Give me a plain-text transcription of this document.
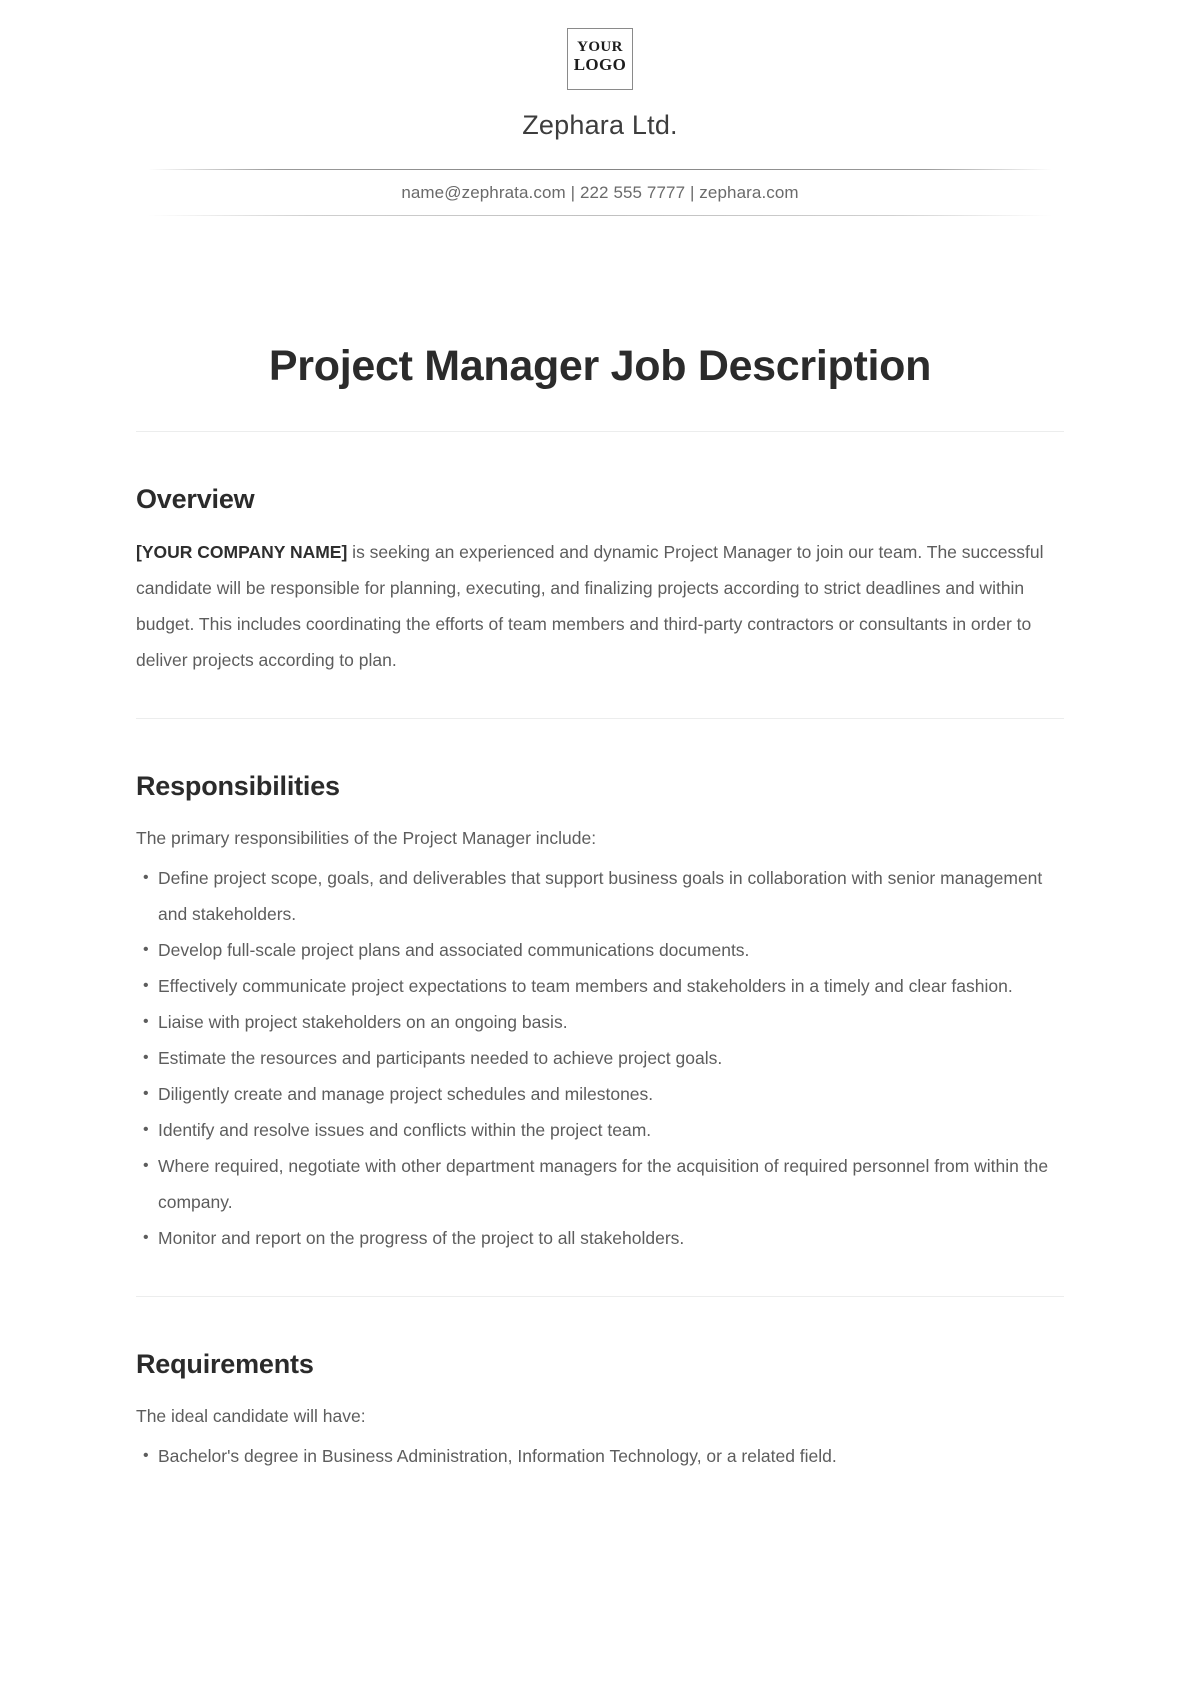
YOUR
LOGO
Zephara Ltd.
name@zephrata.com | 222 555 7777 | zephara.com
Project Manager Job Description
Overview

[YOUR COMPANY NAME] is seeking an experienced and dynamic Project Manager to join our team. The successful candidate will be responsible for planning, executing, and finalizing projects according to strict deadlines and within budget. This includes coordinating the efforts of team members and third-party contractors or consultants in order to deliver projects according to plan.

Responsibilities

The primary responsibilities of the Project Manager include:

• Define project scope, goals, and deliverables that support business goals in collaboration with senior management and stakeholders.
• Develop full-scale project plans and associated communications documents.
• Effectively communicate project expectations to team members and stakeholders in a timely and clear fashion.
• Liaise with project stakeholders on an ongoing basis.
• Estimate the resources and participants needed to achieve project goals.
• Diligently create and manage project schedules and milestones.
• Identify and resolve issues and conflicts within the project team.
• Where required, negotiate with other department managers for the acquisition of required personnel from within the company.
• Monitor and report on the progress of the project to all stakeholders.
Requirements

The ideal candidate will have:

• Bachelor's degree in Business Administration, Information Technology, or a related field.
